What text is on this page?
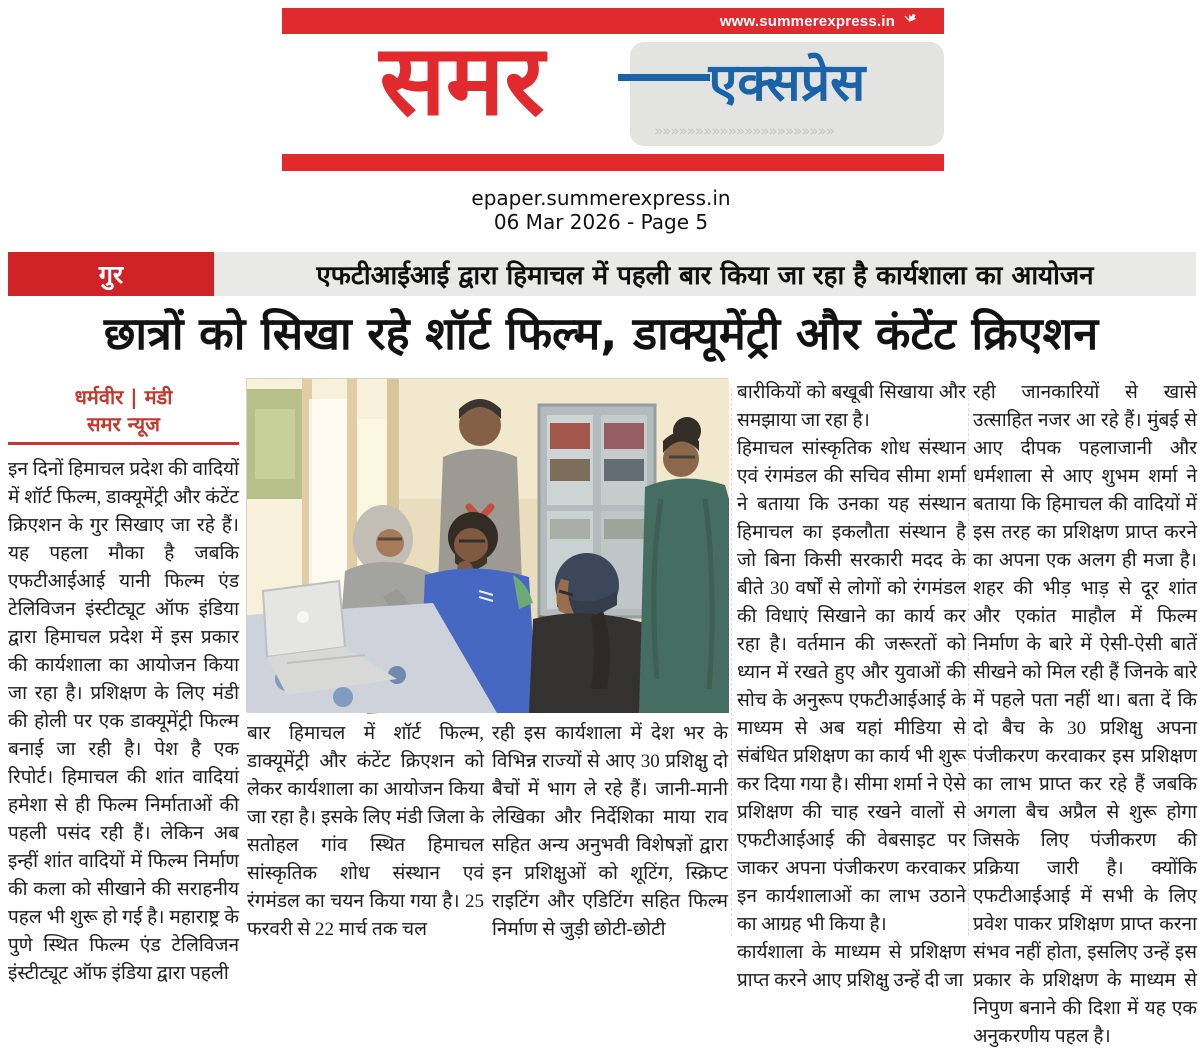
www.summerexpress.in
समर	एक्सप्रेस
»»»»»»»»»»»»»»»»»»»»»»
epaper.summerexpress.in
06 Mar 2026 - Page 5
गुर	एफटीआईआई द्वारा हिमाचल में पहली बार किया जा रहा है कार्यशाला का आयोजन
छात्रों को सिखा रहे शॉर्ट फिल्म, डाक्यूमेंट्री और कंटेंट क्रिएशन
धर्मवीर | मंडी
समर न्यूज

इन दिनों हिमाचल प्रदेश की वादियों में शॉर्ट फिल्म, डाक्यूमेंट्री और कंटेंट क्रिएशन के गुर सिखाए जा रहे हैं। यह पहला मौका है जबकि एफटीआईआई यानी फिल्म एंड टेलिविजन इंस्टीट्यूट ऑफ इंडिया द्वारा हिमाचल प्रदेश में इस प्रकार की कार्यशाला का आयोजन किया जा रहा है। प्रशिक्षण के लिए मंडी की होली पर एक डाक्यूमेंट्री फिल्म बनाई जा रही है। पेश है एक रिपोर्ट। हिमाचल की शांत वादियां हमेशा से ही फिल्म निर्माताओं की पहली पसंद रही हैं। लेकिन अब इन्हीं शांत वादियों में फिल्म निर्माण की कला को सीखाने की सराहनीय पहल भी शुरू हो गई है। महाराष्ट्र के पुणे स्थित फिल्म एंड टेलिविजन इंस्टीट्यूट ऑफ इंडिया द्वारा पहली

बार हिमाचल में शॉर्ट फिल्म, डाक्यूमेंट्री और कंटेंट क्रिएशन को लेकर कार्यशाला का आयोजन किया जा रहा है। इसके लिए मंडी जिला के सतोहल गांव स्थित हिमाचल सांस्कृतिक शोध संस्थान एवं रंगमंडल का चयन किया गया है। 25 फरवरी से 22 मार्च तक चल

रही इस कार्यशाला में देश भर के विभिन्न राज्यों से आए 30 प्रशिक्षु दो बैचों में भाग ले रहे हैं। जानी-मानी लेखिका और निर्देशिका माया राव सहित अन्य अनुभवी विशेषज्ञों द्वारा इन प्रशिक्षुओं को शूटिंग, स्क्रिप्ट राइटिंग और एडिटिंग सहित फिल्म निर्माण से जुड़ी छोटी-छोटी

बारीकियों को बखूबी सिखाया और समझाया जा रहा है।

हिमाचल सांस्कृतिक शोध संस्थान एवं रंगमंडल की सचिव सीमा शर्मा ने बताया कि उनका यह संस्थान हिमाचल का इकलौता संस्थान है जो बिना किसी सरकारी मदद के बीते 30 वर्षों से लोगों को रंगमंडल की विधाएं सिखाने का कार्य कर रहा है। वर्तमान की जरूरतों को ध्यान में रखते हुए और युवाओं की सोच के अनुरूप एफटीआईआई के माध्यम से अब यहां मीडिया से संबंधित प्रशिक्षण का कार्य भी शुरू कर दिया गया है। सीमा शर्मा ने ऐसे प्रशिक्षण की चाह रखने वालों से एफटीआईआई की वेबसाइट पर जाकर अपना पंजीकरण करवाकर इन कार्यशालाओं का लाभ उठाने का आग्रह भी किया है।

कार्यशाला के माध्यम से प्रशिक्षण प्राप्त करने आए प्रशिक्षु उन्हें दी जा

रही जानकारियों से खासे उत्साहित नजर आ रहे हैं। मुंबई से आए दीपक पहलाजानी और धर्मशाला से आए शुभम शर्मा ने बताया कि हिमाचल की वादियों में इस तरह का प्रशिक्षण प्राप्त करने का अपना एक अलग ही मजा है। शहर की भीड़ भाड़ से दूर शांत और एकांत माहौल में फिल्म निर्माण के बारे में ऐसी-ऐसी बातें सीखने को मिल रही हैं जिनके बारे में पहले पता नहीं था। बता दें कि दो बैच के 30 प्रशिक्षु अपना पंजीकरण करवाकर इस प्रशिक्षण का लाभ प्राप्त कर रहे हैं जबकि अगला बैच अप्रैल से शुरू होगा जिसके लिए पंजीकरण की प्रक्रिया जारी है। क्योंकि एफटीआईआई में सभी के लिए प्रवेश पाकर प्रशिक्षण प्राप्त करना संभव नहीं होता, इसलिए उन्हें इस प्रकार के प्रशिक्षण के माध्यम से निपुण बनाने की दिशा में यह एक अनुकरणीय पहल है।
